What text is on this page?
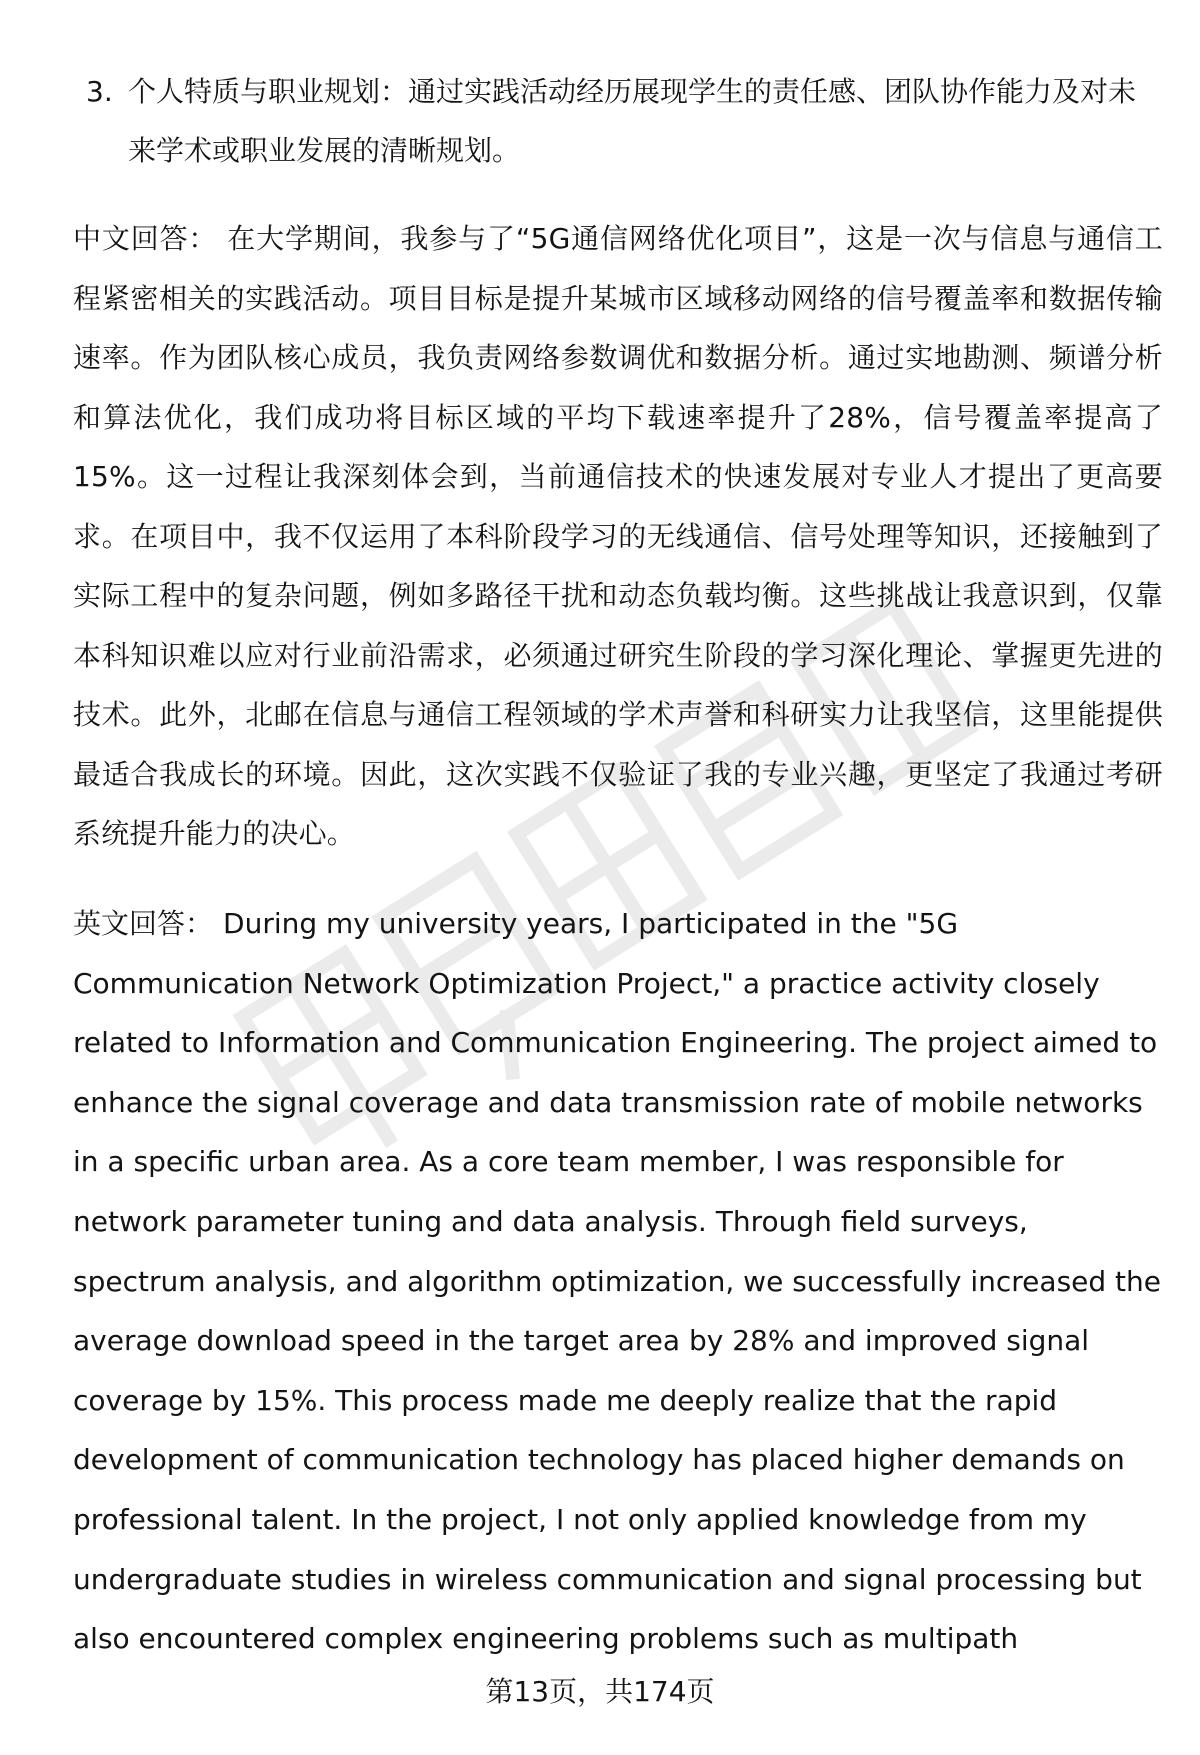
3. 个人特质与职业规划：通过实践活动经历展现学生的责任感、团队协作能力及对未来学术或职业发展的清晰规划。
中文回答： 在大学期间，我参与了“5G通信网络优化项目”，这是一次与信息与通信工程紧密相关的实践活动。项目目标是提升某城市区域移动网络的信号覆盖率和数据传输速率。作为团队核心成员，我负责网络参数调优和数据分析。通过实地勘测、频谱分析和算法优化，我们成功将目标区域的平均下载速率提升了28%，信号覆盖率提高了15%。这一过程让我深刻体会到，当前通信技术的快速发展对专业人才提出了更高要求。在项目中，我不仅运用了本科阶段学习的无线通信、信号处理等知识，还接触到了实际工程中的复杂问题，例如多路径干扰和动态负载均衡。这些挑战让我意识到，仅靠本科知识难以应对行业前沿需求，必须通过研究生阶段的学习深化理论、掌握更先进的技术。此外，北邮在信息与通信工程领域的学术声誉和科研实力让我坚信，这里能提供最适合我成长的环境。因此，这次实践不仅验证了我的专业兴趣，更坚定了我通过考研系统提升能力的决心。
英文回答： During my university years, I participated in the "5G Communication Network Optimization Project," a practice activity closely related to Information and Communication Engineering. The project aimed to enhance the signal coverage and data transmission rate of mobile networks in a specific urban area. As a core team member, I was responsible for network parameter tuning and data analysis. Through field surveys, spectrum analysis, and algorithm optimization, we successfully increased the average download speed in the target area by 28% and improved signal coverage by 15%. This process made me deeply realize that the rapid development of communication technology has placed higher demands on professional talent. In the project, I not only applied knowledge from my undergraduate studies in wireless communication and signal processing but also encountered complex engineering problems such as multipath
第13页，共174页
